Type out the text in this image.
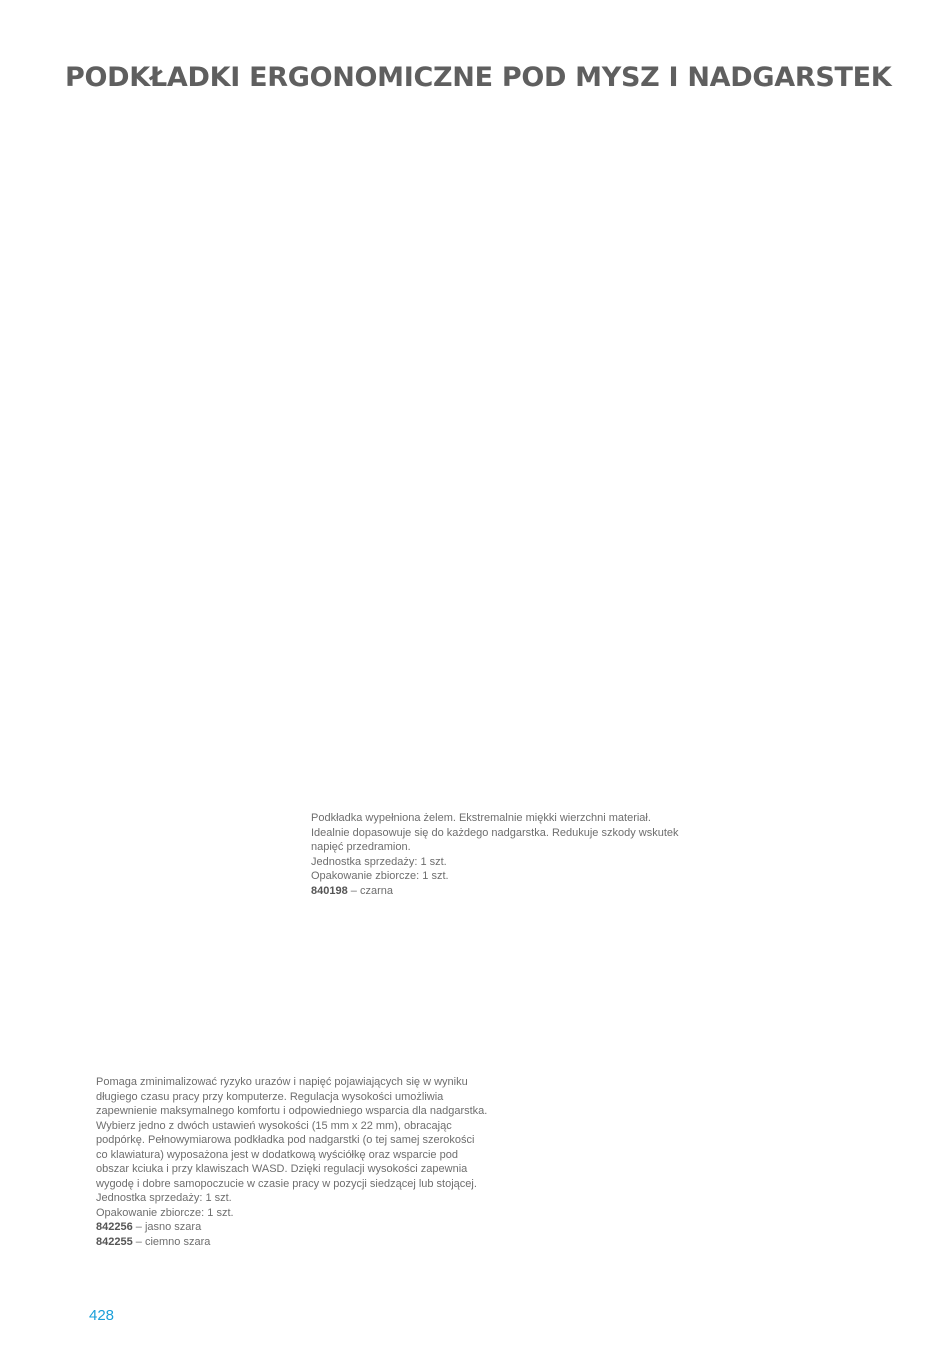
PODKŁADKI ERGONOMICZNE POD MYSZ I NADGARSTEK

Podkładka wypełniona żelem. Ekstremalnie miękki wierzchni materiał.

Idealnie dopasowuje się do każdego nadgarstka. Redukuje szkody wskutek

napięć przedramion.

Jednostka sprzedaży: 1 szt.

Opakowanie zbiorcze: 1 szt.

840198 – czarna

Pomaga zminimalizować ryzyko urazów i napięć pojawiających się w wyniku

długiego czasu pracy przy komputerze. Regulacja wysokości umożliwia

zapewnienie maksymalnego komfortu i odpowiedniego wsparcia dla nadgarstka.

Wybierz jedno z dwóch ustawień wysokości (15 mm x 22 mm), obracając

podpórkę. Pełnowymiarowa podkładka pod nadgarstki (o tej samej szerokości

co klawiatura) wyposażona jest w dodatkową wyściółkę oraz wsparcie pod

obszar kciuka i przy klawiszach WASD. Dzięki regulacji wysokości zapewnia

wygodę i dobre samopoczucie w czasie pracy w pozycji siedzącej lub stojącej.

Jednostka sprzedaży: 1 szt.

Opakowanie zbiorcze: 1 szt.

842256 – jasno szara

842255 – ciemno szara

428
